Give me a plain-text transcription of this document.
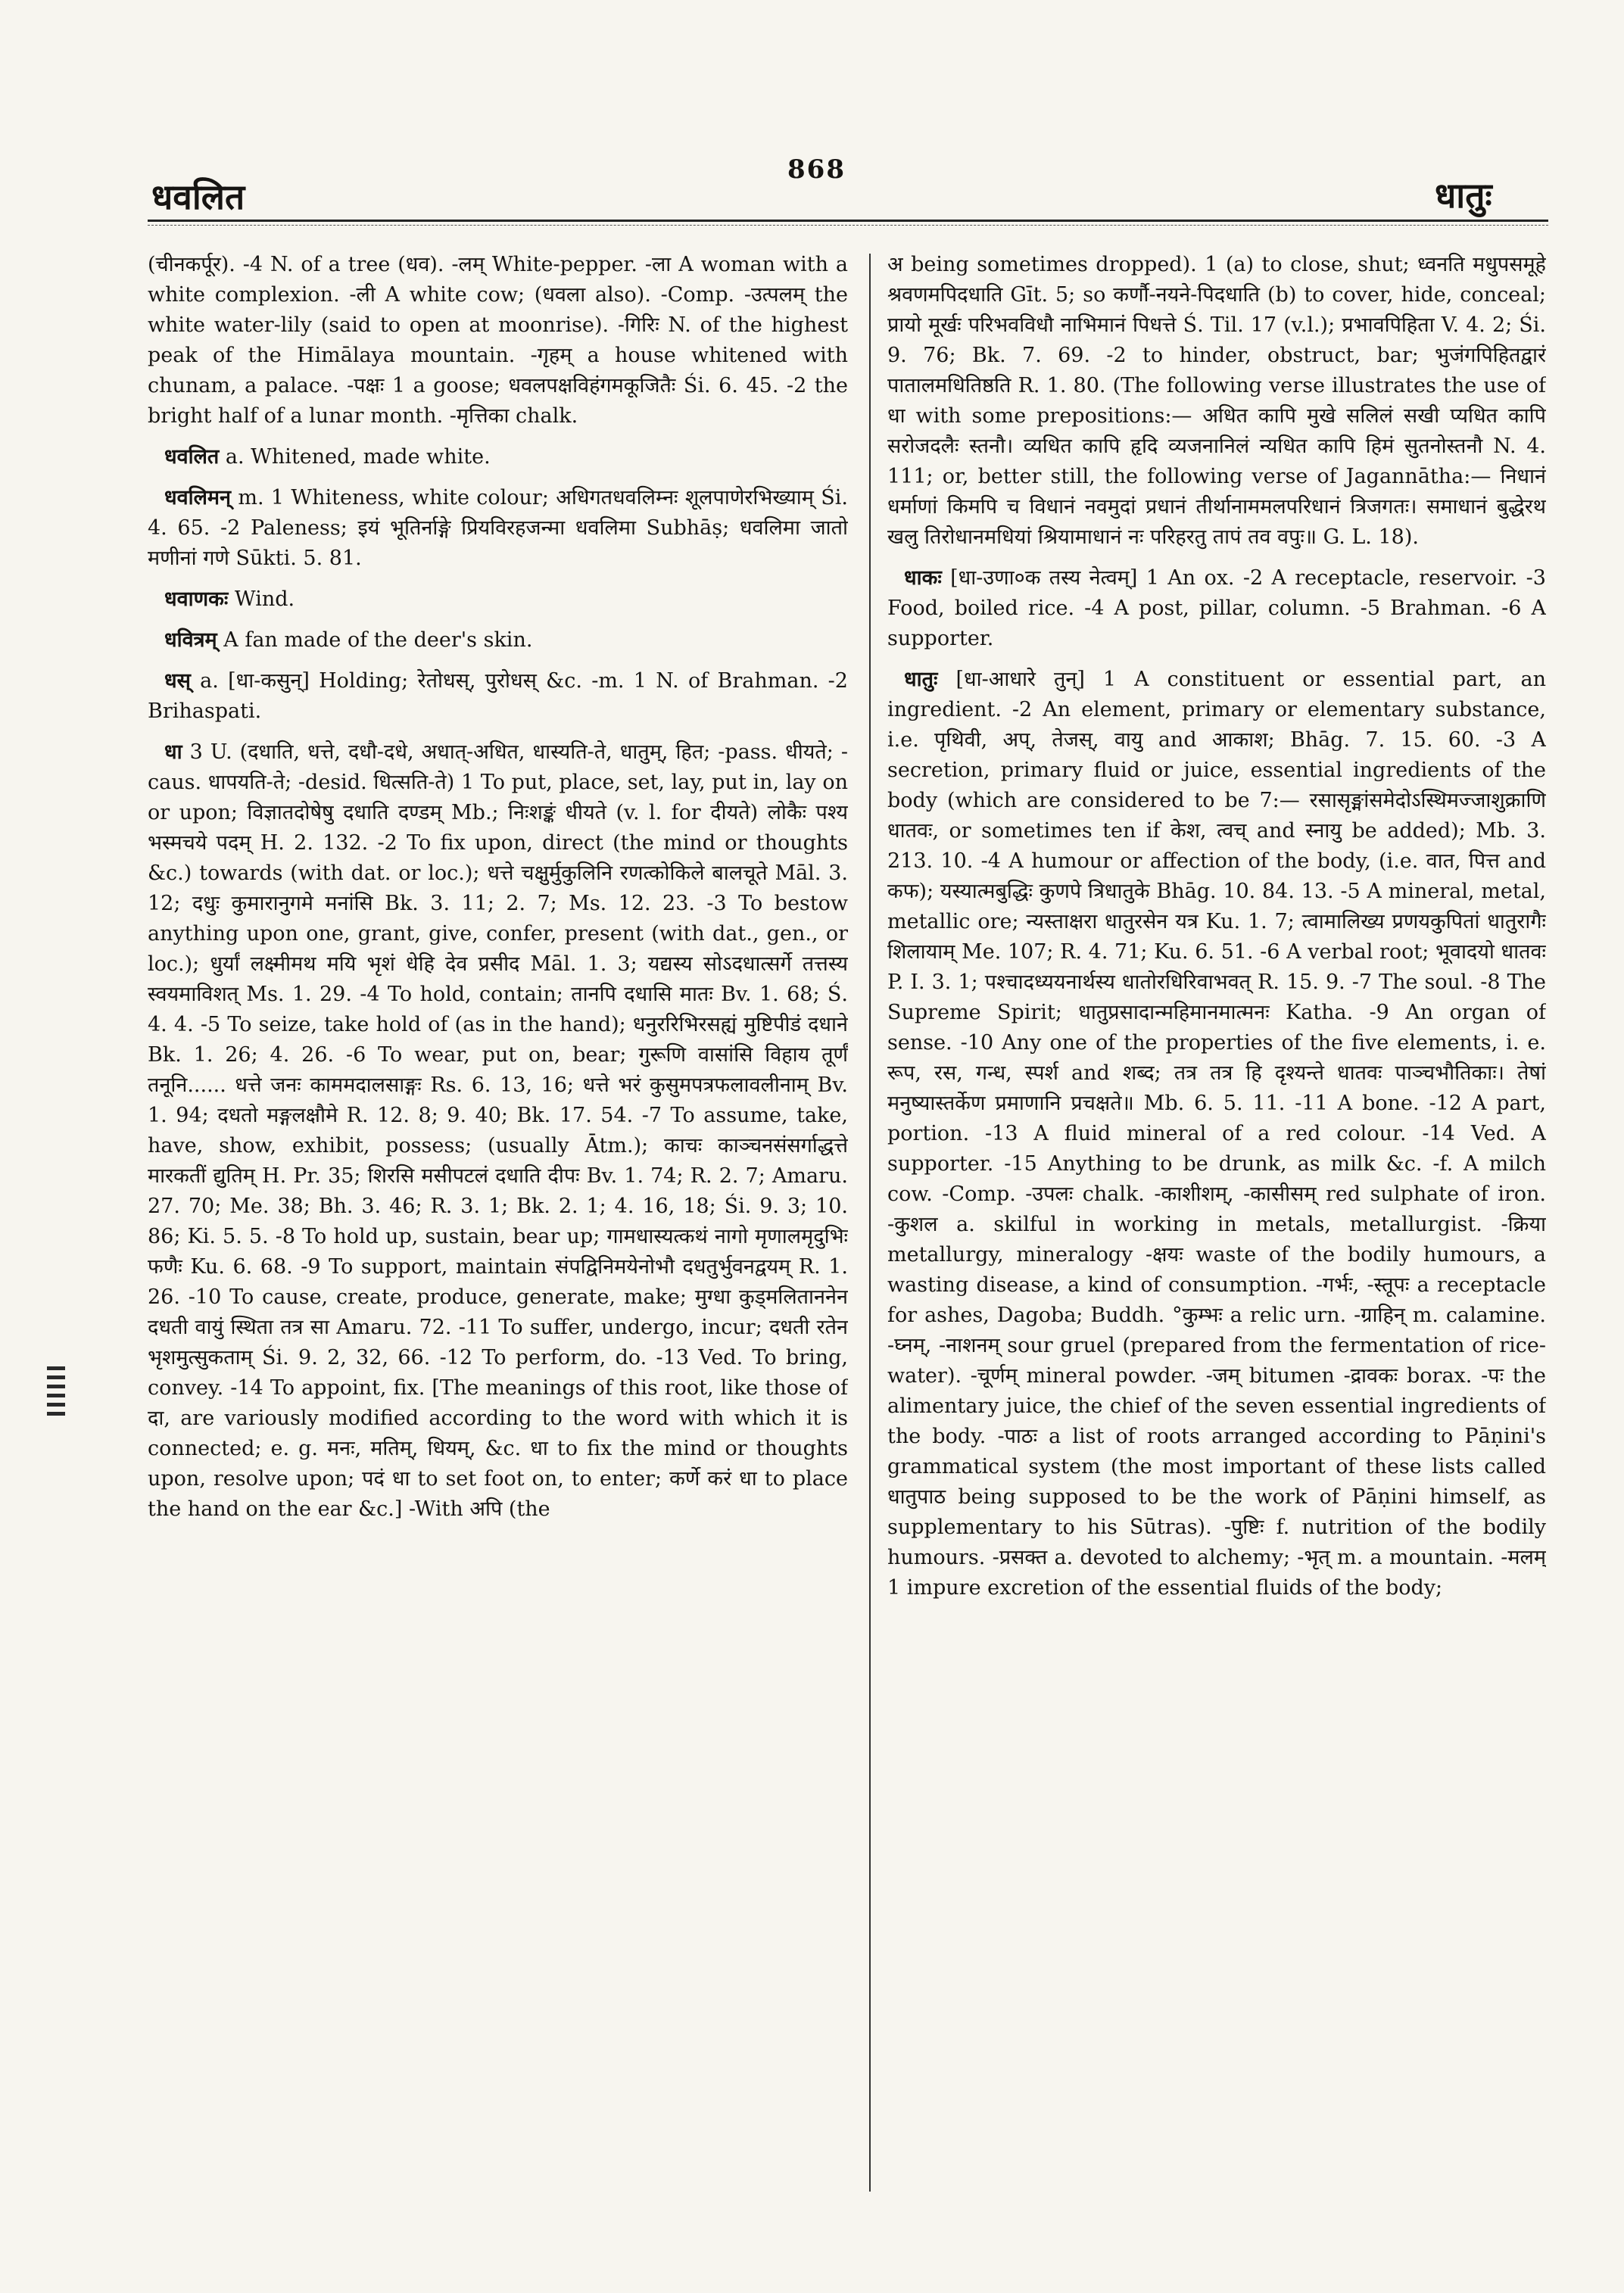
धवलित
868
धातुः

(चीनकर्पूर). -4 N. of a tree (धव). -लम् White-pepper. -ला A woman with a white complexion. -ली A white cow; (धवला also). -Comp. -उत्पलम् the white water-lily (said to open at moonrise). -गिरिः N. of the highest peak of the Himālaya mountain. -गृहम् a house whitened with chunam, a palace. -पक्षः 1 a goose; धवलपक्षविहंगमकूजितैः Śi. 6. 45. -2 the bright half of a lunar month. -मृत्तिका chalk.

धवलित a. Whitened, made white.

धवलिमन् m. 1 Whiteness, white colour; अधिगतधवलिम्नः शूलपाणेरभिख्याम् Śi. 4. 65. -2 Paleness; इयं भूतिर्नाङ्गे प्रियविरहजन्मा धवलिमा Subhāṣ; धवलिमा जातो मणीनां गणे Sūkti. 5. 81.

धवाणकः Wind.

धवित्रम् A fan made of the deer's skin.

धस् a. [धा-कसुन्] Holding; रेतोधस्, पुरोधस् &c. -m. 1 N. of Brahman. -2 Brihaspati.

धा 3 U. (दधाति, धत्ते, दधौ-दधे, अधात्-अधित, धास्यति-ते, धातुम्, हित; -pass. धीयते; -caus. धापयति-ते; -desid. धित्सति-ते) 1 To put, place, set, lay, put in, lay on or upon; विज्ञातदोषेषु दधाति दण्डम् Mb.; निःशङ्कं धीयते (v. l. for दीयते) लोकैः पश्य भस्मचये पदम् H. 2. 132. -2 To fix upon, direct (the mind or thoughts &c.) towards (with dat. or loc.); धत्ते चक्षुर्मुकुलिनि रणत्कोकिले बालचूते Māl. 3. 12; दधुः कुमारानुगमे मनांसि Bk. 3. 11; 2. 7; Ms. 12. 23. -3 To bestow anything upon one, grant, give, confer, present (with dat., gen., or loc.); धुर्यां लक्ष्मीमथ मयि भृशं धेहि देव प्रसीद Māl. 1. 3; यद्यस्य सोऽदधात्सर्गे तत्तस्य स्वयमाविशत् Ms. 1. 29. -4 To hold, contain; तानपि दधासि मातः Bv. 1. 68; Ś. 4. 4. -5 To seize, take hold of (as in the hand); धनुररिभिरसह्यं मुष्टिपीडं दधाने Bk. 1. 26; 4. 26. -6 To wear, put on, bear; गुरूणि वासांसि विहाय तूर्णं तनूनि...... धत्ते जनः काममदालसाङ्गः Rs. 6. 13, 16; धत्ते भरं कुसुमपत्रफलावलीनाम् Bv. 1. 94; दधतो मङ्गलक्षौमे R. 12. 8; 9. 40; Bk. 17. 54. -7 To assume, take, have, show, exhibit, possess; (usually Ātm.); काचः काञ्चनसंसर्गाद्धत्ते मारकतीं द्युतिम् H. Pr. 35; शिरसि मसीपटलं दधाति दीपः Bv. 1. 74; R. 2. 7; Amaru. 27. 70; Me. 38; Bh. 3. 46; R. 3. 1; Bk. 2. 1; 4. 16, 18; Śi. 9. 3; 10. 86; Ki. 5. 5. -8 To hold up, sustain, bear up; गामधास्यत्कथं नागो मृणालमृदुभिः फणैः Ku. 6. 68. -9 To support, maintain संपद्विनिमयेनोभौ दधतुर्भुवनद्वयम् R. 1. 26. -10 To cause, create, produce, generate, make; मुग्धा कुड्मलिताननेन दधती वायुं स्थिता तत्र सा Amaru. 72. -11 To suffer, undergo, incur; दधती रतेन भृशमुत्सुकताम् Śi. 9. 2, 32, 66. -12 To perform, do. -13 Ved. To bring, convey. -14 To appoint, fix. [The meanings of this root, like those of दा, are variously modified according to the word with which it is connected; e. g. मनः, मतिम्, धियम्, &c. धा to fix the mind or thoughts upon, resolve upon; पदं धा to set foot on, to enter; कर्णे करं धा to place the hand on the ear &c.] -With अपि (the

अ being sometimes dropped). 1 (a) to close, shut; ध्वनति मधुपसमूहे श्रवणमपिदधाति Gīt. 5; so कर्णौ-नयने-पिदधाति (b) to cover, hide, conceal; प्रायो मूर्खः परिभवविधौ नाभिमानं पिधत्ते Ś. Til. 17 (v.l.); प्रभावपिहिता V. 4. 2; Śi. 9. 76; Bk. 7. 69. -2 to hinder, obstruct, bar; भुजंगपिहितद्वारं पातालमधितिष्ठति R. 1. 80. (The following verse illustrates the use of धा with some prepositions:— अधित कापि मुखे सलिलं सखी प्यधित कापि सरोजदलैः स्तनौ। व्यधित कापि हृदि व्यजनानिलं न्यधित कापि हिमं सुतनोस्तनौ N. 4. 111; or, better still, the following verse of Jagannātha:— निधानं धर्माणां किमपि च विधानं नवमुदां प्रधानं तीर्थानाममलपरिधानं त्रिजगतः। समाधानं बुद्धेरथ खलु तिरोधानमधियां श्रियामाधानं नः परिहरतु तापं तव वपुः॥ G. L. 18).

धाकः [धा-उणा०क तस्य नेत्वम्] 1 An ox. -2 A receptacle, reservoir. -3 Food, boiled rice. -4 A post, pillar, column. -5 Brahman. -6 A supporter.

धातुः [धा-आधारे तुन्] 1 A constituent or essential part, an ingredient. -2 An element, primary or elementary substance, i.e. पृथिवी, अप्, तेजस्, वायु and आकाश; Bhāg. 7. 15. 60. -3 A secretion, primary fluid or juice, essential ingredients of the body (which are considered to be 7:— रसासृङ्मांसमेदोऽस्थिमज्जाशुक्राणि धातवः, or sometimes ten if केश, त्वच् and स्नायु be added); Mb. 3. 213. 10. -4 A humour or affection of the body, (i.e. वात, पित्त and कफ); यस्यात्मबुद्धिः कुणपे त्रिधातुके Bhāg. 10. 84. 13. -5 A mineral, metal, metallic ore; न्यस्ताक्षरा धातुरसेन यत्र Ku. 1. 7; त्वामालिख्य प्रणयकुपितां धातुरागैः शिलायाम् Me. 107; R. 4. 71; Ku. 6. 51. -6 A verbal root; भूवादयो धातवः P. I. 3. 1; पश्चादध्ययनार्थस्य धातोरधिरिवाभवत् R. 15. 9. -7 The soul. -8 The Supreme Spirit; धातुप्रसादान्महिमानमात्मनः Katha. -9 An organ of sense. -10 Any one of the properties of the five elements, i. e. रूप, रस, गन्ध, स्पर्श and शब्द; तत्र तत्र हि दृश्यन्ते धातवः पाञ्चभौतिकाः। तेषां मनुष्यास्तर्केण प्रमाणानि प्रचक्षते॥ Mb. 6. 5. 11. -11 A bone. -12 A part, portion. -13 A fluid mineral of a red colour. -14 Ved. A supporter. -15 Anything to be drunk, as milk &c. -f. A milch cow. -Comp. -उपलः chalk. -काशीशम्, -कासीसम् red sulphate of iron. -कुशल a. skilful in working in metals, metallurgist. -क्रिया metallurgy, mineralogy -क्षयः waste of the bodily humours, a wasting disease, a kind of consumption. -गर्भः, -स्तूपः a receptacle for ashes, Dagoba; Buddh. °कुम्भः a relic urn. -ग्राहिन् m. calamine. -घ्नम्, -नाशनम् sour gruel (prepared from the fermentation of rice-water). -चूर्णम् mineral powder. -जम् bitumen -द्रावकः borax. -पः the alimentary juice, the chief of the seven essential ingredients of the body. -पाठः a list of roots arranged according to Pāṇini's grammatical system (the most important of these lists called धातुपाठ being supposed to be the work of Pāṇini himself, as supplementary to his Sūtras). -पुष्टिः f. nutrition of the bodily humours. -प्रसक्त a. devoted to alchemy; -भृत् m. a mountain. -मलम् 1 impure excretion of the essential fluids of the body;
